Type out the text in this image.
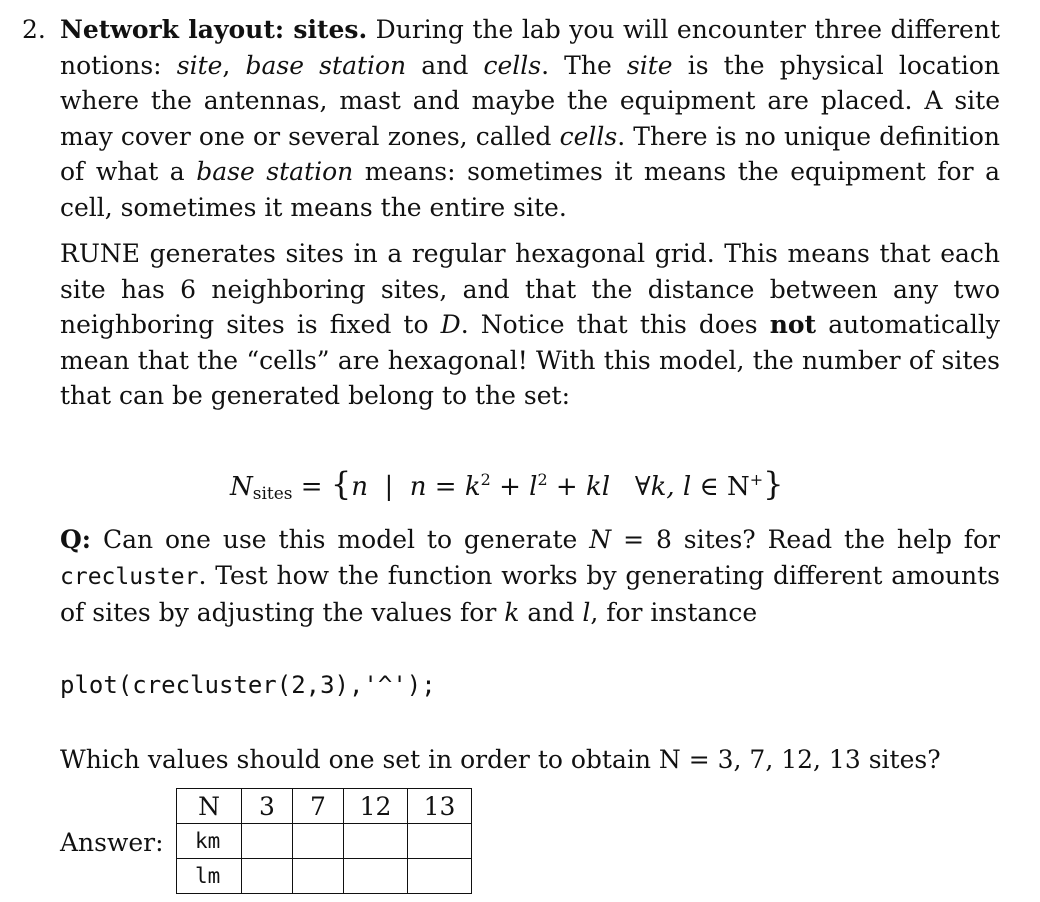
2. Network layout: sites. During the lab you will encounter three different notions: site, base station and cells. The site is the physical location where the antennas, mast and maybe the equipment are placed. A site may cover one or several zones, called cells. There is no unique definition of what a base station means: sometimes it means the equipment for a cell, sometimes it means the entire site.
RUNE generates sites in a regular hexagonal grid. This means that each site has 6 neighboring sites, and that the distance between any two neighboring sites is fixed to D. Notice that this does not automatically mean that the “cells” are hexagonal! With this model, the number of sites that can be generated belong to the set:
$N_{sites} = \{n$  |  $n = k^2 + l^2$ + kl   ∀k, l ∈ N+}
Q: Can one use this model to generate N = 8 sites? Read the help for crecluster. Test how the function works by generating different amounts of sites by adjusting the values for k and l, for instance
plot(crecluster(2,3),'^');
Which values should one set in order to obtain N = 3, 7, 12, 13 sites?
Answer:
N	3	7	12	13
km				
lm				
